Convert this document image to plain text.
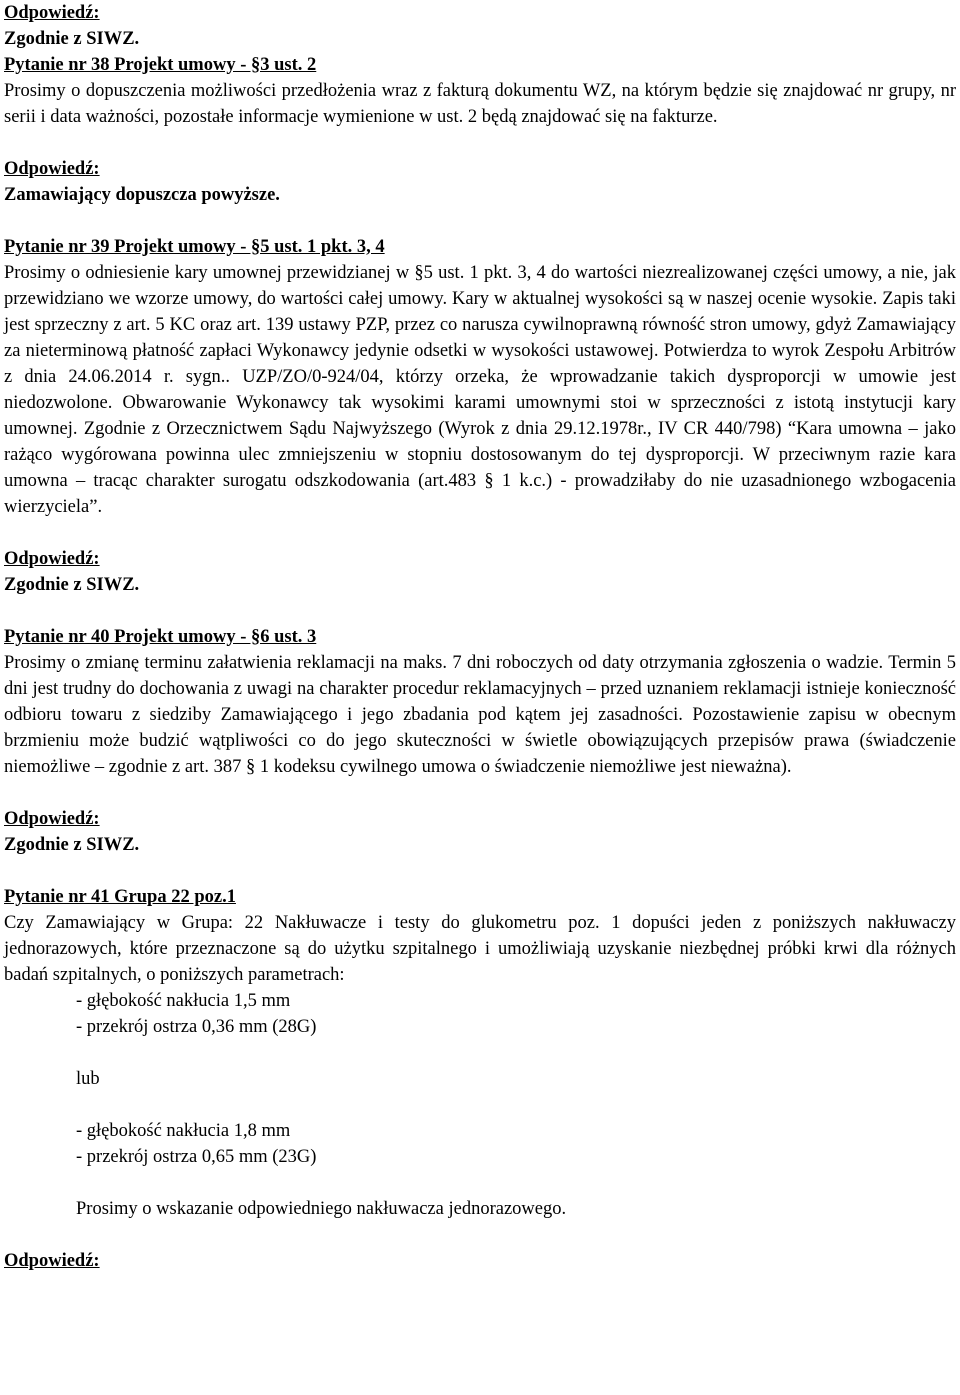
Odpowiedź:

Zgodnie z SIWZ.

Pytanie nr 38 Projekt umowy - §3 ust. 2

Prosimy o dopuszczenia możliwości przedłożenia wraz z fakturą dokumentu WZ, na którym będzie się znajdować nr grupy, nr serii i data ważności, pozostałe informacje wymienione w ust. 2 będą znajdować się na fakturze.

Odpowiedź:

Zamawiający dopuszcza powyższe.

Pytanie nr 39 Projekt umowy - §5 ust. 1 pkt. 3, 4

Prosimy o odniesienie kary umownej przewidzianej w §5 ust. 1 pkt. 3, 4 do wartości niezrealizowanej części umowy, a nie, jak przewidziano we wzorze umowy, do wartości całej umowy. Kary w aktualnej wysokości są w naszej ocenie wysokie. Zapis taki jest sprzeczny z art. 5 KC oraz art. 139 ustawy PZP, przez co narusza cywilnoprawną równość stron umowy, gdyż Zamawiający za nieterminową płatność zapłaci Wykonawcy jedynie odsetki w wysokości ustawowej. Potwierdza to wyrok Zespołu Arbitrów z dnia 24.06.2014 r. sygn.. UZP/ZO/0-924/04, którzy orzeka, że wprowadzanie takich dysproporcji w umowie jest niedozwolone. Obwarowanie Wykonawcy tak wysokimi karami umownymi stoi w sprzeczności z istotą instytucji kary umownej. Zgodnie z Orzecznictwem Sądu Najwyższego (Wyrok z dnia 29.12.1978r., IV CR 440/798) “Kara umowna – jako rażąco wygórowana powinna ulec zmniejszeniu w stopniu dostosowanym do tej dysproporcji. W przeciwnym razie kara umowna – tracąc charakter surogatu odszkodowania (art.483 § 1 k.c.) - prowadziłaby do nie uzasadnionego wzbogacenia wierzyciela”.

Odpowiedź:

Zgodnie z SIWZ.

Pytanie nr 40 Projekt umowy - §6 ust. 3

Prosimy o zmianę terminu załatwienia reklamacji na maks. 7 dni roboczych od daty otrzymania zgłoszenia o wadzie. Termin 5 dni jest trudny do dochowania z uwagi na charakter procedur reklamacyjnych – przed uznaniem reklamacji istnieje konieczność odbioru towaru z siedziby Zamawiającego i jego zbadania pod kątem jej zasadności. Pozostawienie zapisu w obecnym brzmieniu może budzić wątpliwości co do jego skuteczności w świetle obowiązujących przepisów prawa (świadczenie niemożliwe – zgodnie z art. 387 § 1 kodeksu cywilnego umowa o świadczenie niemożliwe jest nieważna).

Odpowiedź:

Zgodnie z SIWZ.

Pytanie nr 41 Grupa 22 poz.1

Czy Zamawiający w Grupa: 22 Nakłuwacze i testy do glukometru poz. 1 dopuści jeden z poniższych nakłuwaczy jednorazowych, które przeznaczone są do użytku szpitalnego i umożliwiają uzyskanie niezbędnej próbki krwi dla różnych badań szpitalnych, o poniższych parametrach:

- głębokość nakłucia 1,5 mm

- przekrój ostrza 0,36 mm (28G)

lub

- głębokość nakłucia 1,8 mm

- przekrój ostrza 0,65 mm (23G)

Prosimy o wskazanie odpowiedniego nakłuwacza jednorazowego.

Odpowiedź:
